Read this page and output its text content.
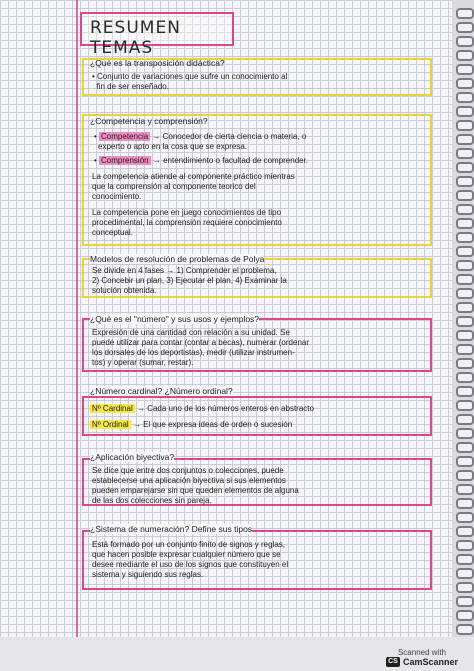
RESUMEN TEMAS
¿Qué es la transposición didáctica?
• Conjunto de variaciones que sufre un conocimiento al
fin de ser enseñado.
¿Competencia y comprensión?
• Competencia → Conocedor de cierta ciencia o materia, o
experto o apto en la cosa que se expresa.
• Comprensión → entendimiento o facultad de comprender.
La competencia atiende al componente práctico mientras
que la comprensión al componente teorico del
conocimiento.
La competencia pone en juego conocimientos de tipo
procedimental, la comprensión requiere conocimiento
conceptual.
Modelos de resolución de problemas de Polya
Se divide en 4 fases → 1) Comprender el problema,
2) Concebir un plan, 3) Ejecutar el plan, 4) Examinar la
solución obtenida.
¿Qué es el "número" y sus usos y ejemplos?
Expresión de una cantidad con relación a su unidad. Se
puede utilizar para contar (contar a becas), numerar (ordenar
los dorsales de los deportistas), medir (utilizar instrumen-
tos) y operar (sumar, restar).
¿Número cardinal? ¿Número ordinal?
Nº Cardinal → Cada uno de los números enteros en abstracto
Nº Ordinal → El que expresa ideas de orden o sucesión
¿Aplicación biyectiva?
Se dice que entre dos conjuntos o colecciones, puede
establecerse una aplicación biyectiva si sus elementos
pueden emparejarse sin que queden elementos de alguna
de las dos colecciones sin pareja.
¿Sistema de numeración? Define sus tipos
Está formado por un conjunto finito de signos y reglas,
que hacen posible expresar cualquier número que se
desee mediante el uso de los signos que constituyen el
sistema y siguiendo sus reglas.
Scanned with
CS CamScanner
